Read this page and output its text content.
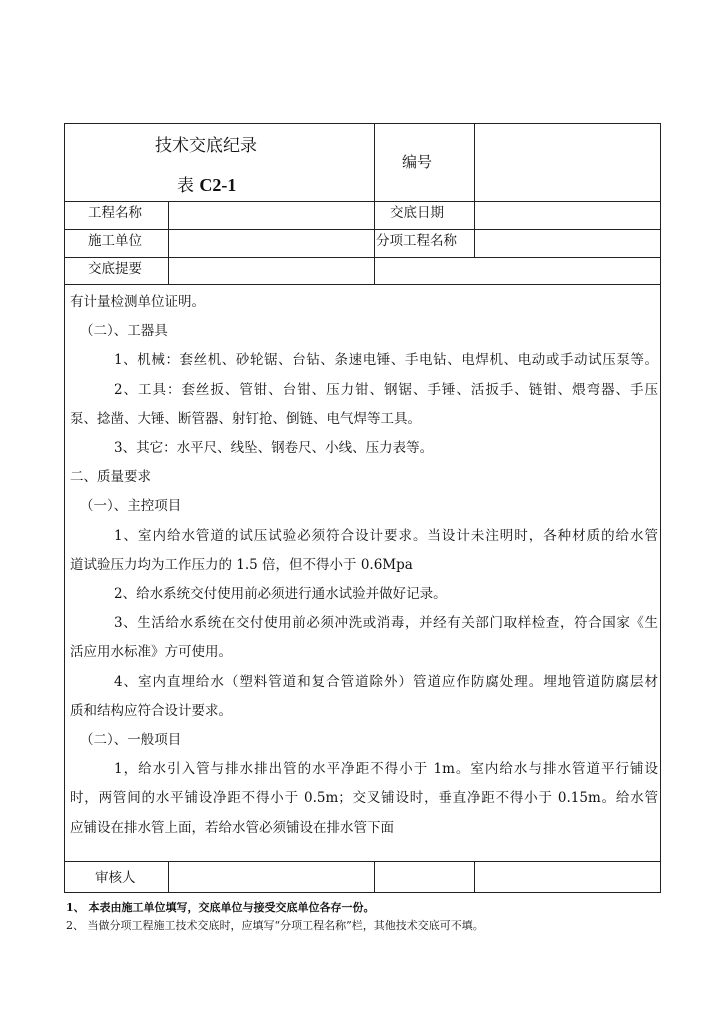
技术交底纪录
表 C2-1
编号
工程名称	交底日期
施工单位	分项工程名称
交底提要
有计量检测单位证明。
（二）、工器具
1、机械：套丝机、砂轮锯、台钻、条速电锤、手电钻、电焊机、电动或手动试压泵等。
2、工具：套丝扳、管钳、台钳、压力钳、钢锯、手锤、活扳手、链钳、煨弯器、手压
泵、捻凿、大锤、断管器、射钉抢、倒链、电气焊等工具。
3、其它：水平尺、线坠、钢卷尺、小线、压力表等。
二、质量要求
（一）、主控项目
1、室内给水管道的试压试验必须符合设计要求。当设计未注明时，各种材质的给水管
道试验压力均为工作压力的 1.5 倍，但不得小于 0.6Mpa
2、给水系统交付使用前必须进行通水试验并做好记录。
3、生活给水系统在交付使用前必须冲洗或消毒，并经有关部门取样检查，符合国家《生
活应用水标准》方可使用。
4、室内直埋给水（塑料管道和复合管道除外）管道应作防腐处理。埋地管道防腐层材
质和结构应符合设计要求。
（二）、一般项目
1，给水引入管与排水排出管的水平净距不得小于 1m。室内给水与排水管道平行铺设
时，两管间的水平铺设净距不得小于 0.5m；交叉铺设时，垂直净距不得小于 0.15m。给水管
应铺设在排水管上面，若给水管必须铺设在排水管下面
审核人
1、 本表由施工单位填写，交底单位与接受交底单位各存一份。
2、 当做分项工程施工技术交底时，应填写“分项工程名称”栏，其他技术交底可不填。
